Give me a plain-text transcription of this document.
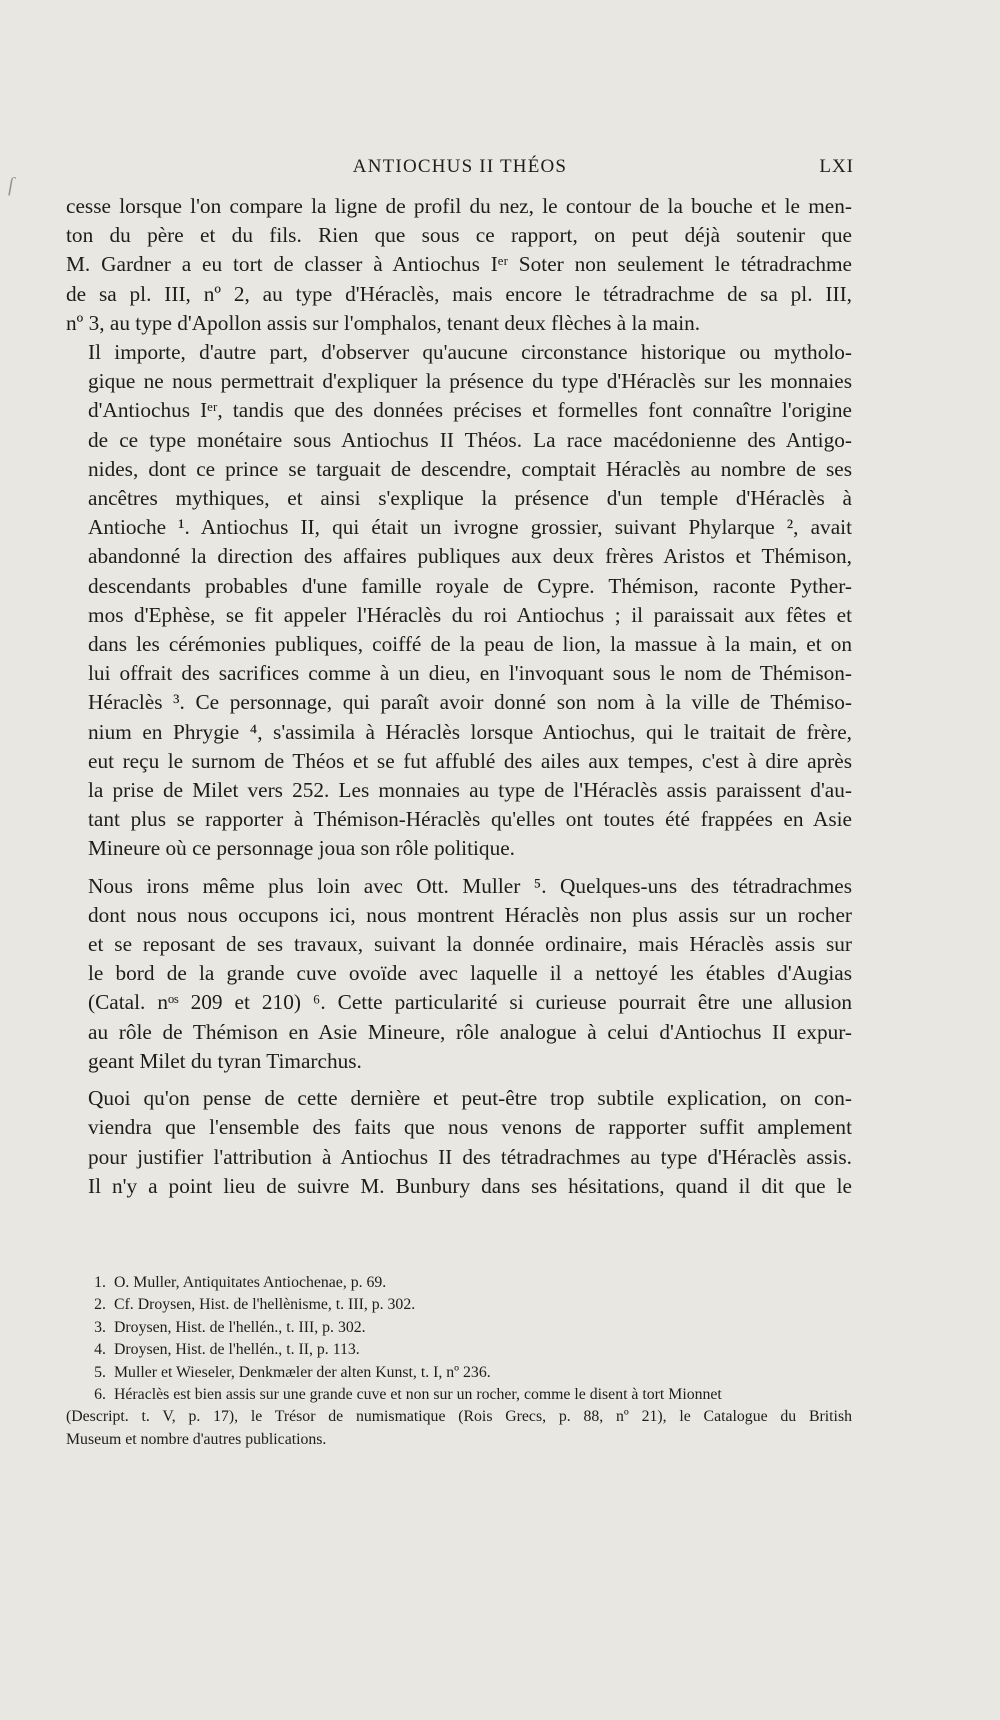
ſ
ANTIOCHUS II THÉOS	LXI

cesse lorsque l'on compare la ligne de profil du nez, le contour de la bouche et le men-
ton du père et du fils. Rien que sous ce rapport, on peut déjà soutenir que
M. Gardner a eu tort de classer à Antiochus Iᵉʳ Soter non seulement le tétradrachme
de sa pl. III, nº 2, au type d'Héraclès, mais encore le tétradrachme de sa pl. III,
nº 3, au type d'Apollon assis sur l'omphalos, tenant deux flèches à la main.

Il importe, d'autre part, d'observer qu'aucune circonstance historique ou mytholo-
gique ne nous permettrait d'expliquer la présence du type d'Héraclès sur les monnaies
d'Antiochus Iᵉʳ, tandis que des données précises et formelles font connaître l'origine
de ce type monétaire sous Antiochus II Théos. La race macédonienne des Antigo-
nides, dont ce prince se targuait de descendre, comptait Héraclès au nombre de ses
ancêtres mythiques, et ainsi s'explique la présence d'un temple d'Héraclès à
Antioche ¹. Antiochus II, qui était un ivrogne grossier, suivant Phylarque ², avait
abandonné la direction des affaires publiques aux deux frères Aristos et Thémison,
descendants probables d'une famille royale de Cypre. Thémison, raconte Pyther-
mos d'Ephèse, se fit appeler l'Héraclès du roi Antiochus ; il paraissait aux fêtes et
dans les cérémonies publiques, coiffé de la peau de lion, la massue à la main, et on
lui offrait des sacrifices comme à un dieu, en l'invoquant sous le nom de Thémison-
Héraclès ³. Ce personnage, qui paraît avoir donné son nom à la ville de Thémiso-
nium en Phrygie ⁴, s'assimila à Héraclès lorsque Antiochus, qui le traitait de frère,
eut reçu le surnom de Théos et se fut affublé des ailes aux tempes, c'est à dire après
la prise de Milet vers 252. Les monnaies au type de l'Héraclès assis paraissent d'au-
tant plus se rapporter à Thémison-Héraclès qu'elles ont toutes été frappées en Asie
Mineure où ce personnage joua son rôle politique.

Nous irons même plus loin avec Ott. Muller ⁵. Quelques-uns des tétradrachmes
dont nous nous occupons ici, nous montrent Héraclès non plus assis sur un rocher
et se reposant de ses travaux, suivant la donnée ordinaire, mais Héraclès assis sur
le bord de la grande cuve ovoïde avec laquelle il a nettoyé les étables d'Augias
(Catal. nᵒˢ 209 et 210) ⁶. Cette particularité si curieuse pourrait être une allusion
au rôle de Thémison en Asie Mineure, rôle analogue à celui d'Antiochus II expur-
geant Milet du tyran Timarchus.

Quoi qu'on pense de cette dernière et peut-être trop subtile explication, on con-
viendra que l'ensemble des faits que nous venons de rapporter suffit amplement
pour justifier l'attribution à Antiochus II des tétradrachmes au type d'Héraclès assis.
Il n'y a point lieu de suivre M. Bunbury dans ses hésitations, quand il dit que le

1. O. Muller, Antiquitates Antiochenae, p. 69.
2. Cf. Droysen, Hist. de l'hellènisme, t. III, p. 302.
3. Droysen, Hist. de l'hellén., t. III, p. 302.
4. Droysen, Hist. de l'hellén., t. II, p. 113.
5. Muller et Wieseler, Denkmæler der alten Kunst, t. I, nº 236.
6. Héraclès est bien assis sur une grande cuve et non sur un rocher, comme le disent à tort Mionnet
(Descript. t. V, p. 17), le Trésor de numismatique (Rois Grecs, p. 88, nº 21), le Catalogue du British
Museum et nombre d'autres publications.
